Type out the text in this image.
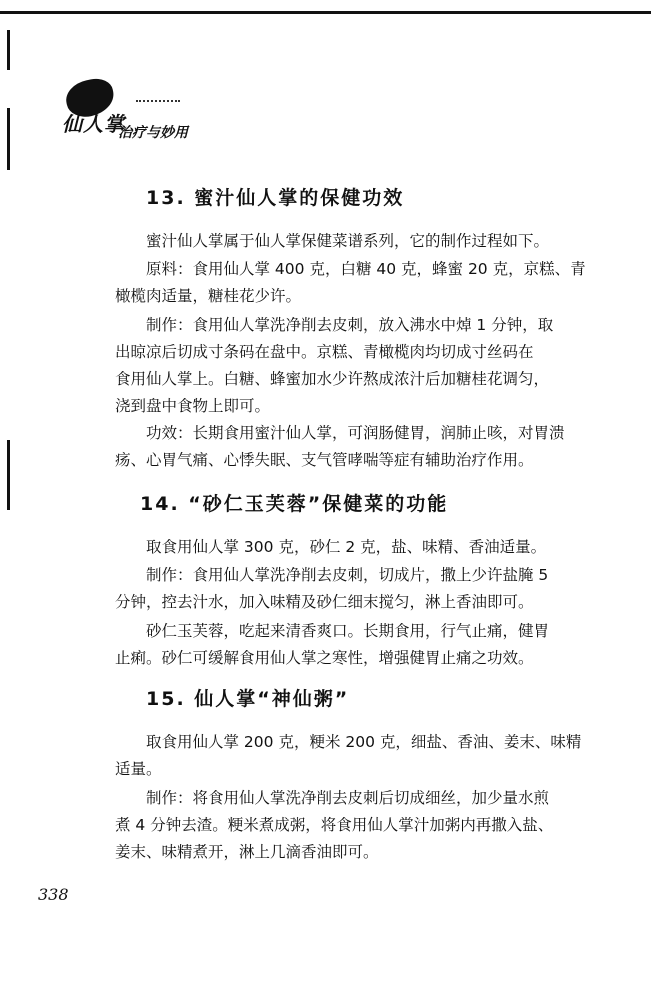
仙人掌
治疗与妙用
13. 蜜汁仙人掌的保健功效
　　蜜汁仙人掌属于仙人掌保健菜谱系列，它的制作过程如下。
　　原料：食用仙人掌 400 克，白糖 40 克，蜂蜜 20 克，京糕、青
橄榄肉适量，糖桂花少许。
　　制作：食用仙人掌洗净削去皮刺，放入沸水中焯 1 分钟，取
出晾凉后切成寸条码在盘中。京糕、青橄榄肉均切成寸丝码在
食用仙人掌上。白糖、蜂蜜加水少许熬成浓汁后加糖桂花调匀，
浇到盘中食物上即可。
　　功效：长期食用蜜汁仙人掌，可润肠健胃，润肺止咳，对胃溃
疡、心胃气痛、心悸失眠、支气管哮喘等症有辅助治疗作用。
14. “砂仁玉芙蓉”保健菜的功能
　　取食用仙人掌 300 克，砂仁 2 克，盐、味精、香油适量。
　　制作：食用仙人掌洗净削去皮刺，切成片，撒上少许盐腌 5
分钟，控去汁水，加入味精及砂仁细末搅匀，淋上香油即可。
　　砂仁玉芙蓉，吃起来清香爽口。长期食用，行气止痛，健胃
止痢。砂仁可缓解食用仙人掌之寒性，增强健胃止痛之功效。
15. 仙人掌“神仙粥”
　　取食用仙人掌 200 克，粳米 200 克，细盐、香油、姜末、味精
适量。
　　制作：将食用仙人掌洗净削去皮刺后切成细丝，加少量水煎
煮 4 分钟去渣。粳米煮成粥，将食用仙人掌汁加粥内再撒入盐、
姜末、味精煮开，淋上几滴香油即可。
338
